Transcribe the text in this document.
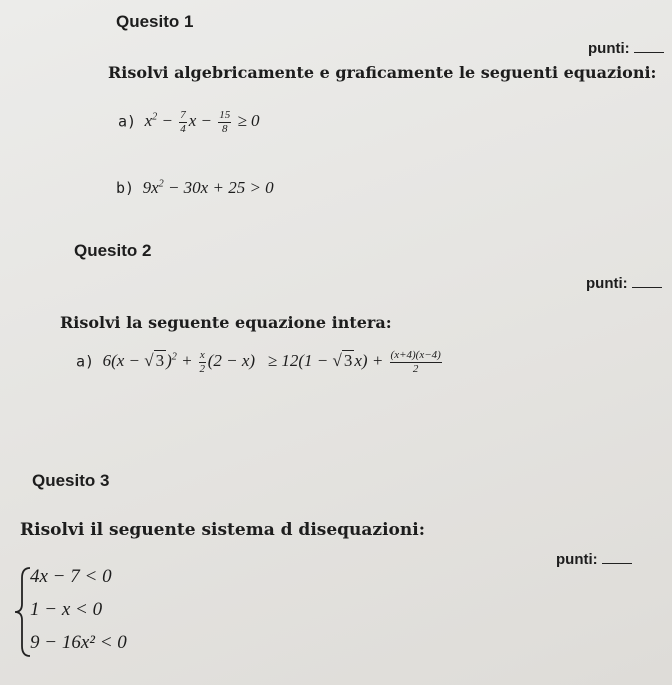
Quesito 1
punti:
Risolvi algebricamente e graficamente le seguenti equazioni:
a)  $x^2 - \frac{7}{4}$ $x - \frac{15}{8} \ge 0$
b)  $9x^2 - 30x + 25 > 0$
Quesito 2
punti:
Risolvi la seguente equazione intera:
a)  6(x − √ 3 )$^2 + \frac{x}{2} (2 - x) \ge 12(1$ − √ 3 $x) + \frac{(x+4)(x-4)}{2}$
Quesito 3
Risolvi il seguente sistema d disequazioni:
punti:
4x − 7 < 0
1 − x < 0
9 − 16x² < 0
